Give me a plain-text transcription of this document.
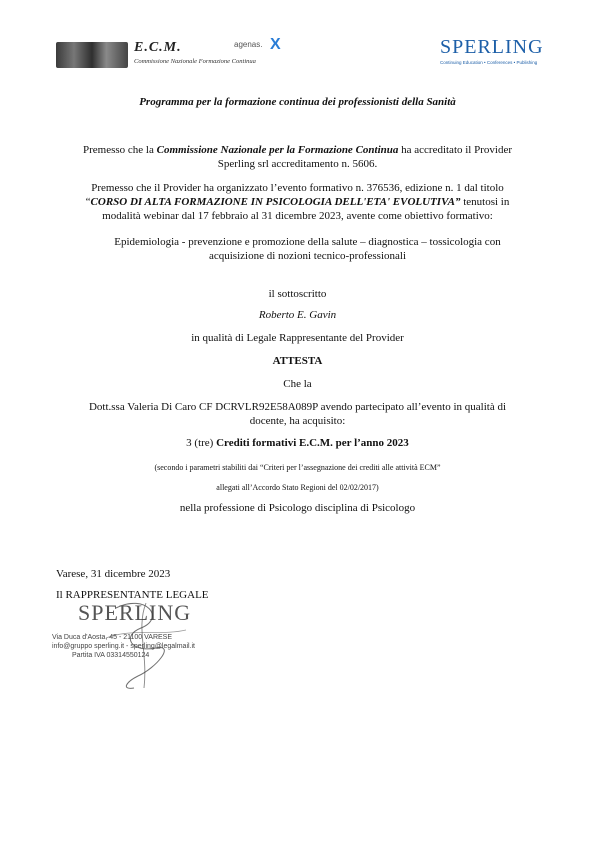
E.C.M.
Commissione Nazionale Formazione Continua
agenas. X	SPERLING
Continuing Education • Conferences • Publishing
Programma per la formazione continua dei professionisti della Sanità
Premesso che la Commissione Nazionale per la Formazione Continua ha accreditato il Provider
Sperling srl accreditamento n. 5606.
Premesso che il Provider ha organizzato l’evento formativo n. 376536, edizione n. 1 dal titolo
“CORSO DI ALTA FORMAZIONE IN PSICOLOGIA DELL'ETA' EVOLUTIVA” tenutosi in
modalità webinar dal 17 febbraio al 31 dicembre 2023, avente come obiettivo formativo:
Epidemiologia - prevenzione e promozione della salute – diagnostica – tossicologia con
acquisizione di nozioni tecnico-professionali
il sottoscritto
Roberto E. Gavin
in qualità di Legale Rappresentante del Provider
ATTESTA
Che la
Dott.ssa Valeria Di Caro CF DCRVLR92E58A089P avendo partecipato all’evento in qualità di
docente, ha acquisito:
3 (tre) Crediti formativi E.C.M. per l’anno 2023
(secondo i parametri stabiliti dai “Criteri per l’assegnazione dei crediti alle attività ECM”
allegati all’Accordo Stato Regioni del 02/02/2017)
nella professione di Psicologo disciplina di Psicologo
Varese, 31 dicembre 2023
Il RAPPRESENTANTE LEGALE
SPERLING
Via Duca d'Aosta, 45 - 21100 VARESE
info@gruppo sperling.it - sperling@legalmail.it
Partita IVA 03314550124
